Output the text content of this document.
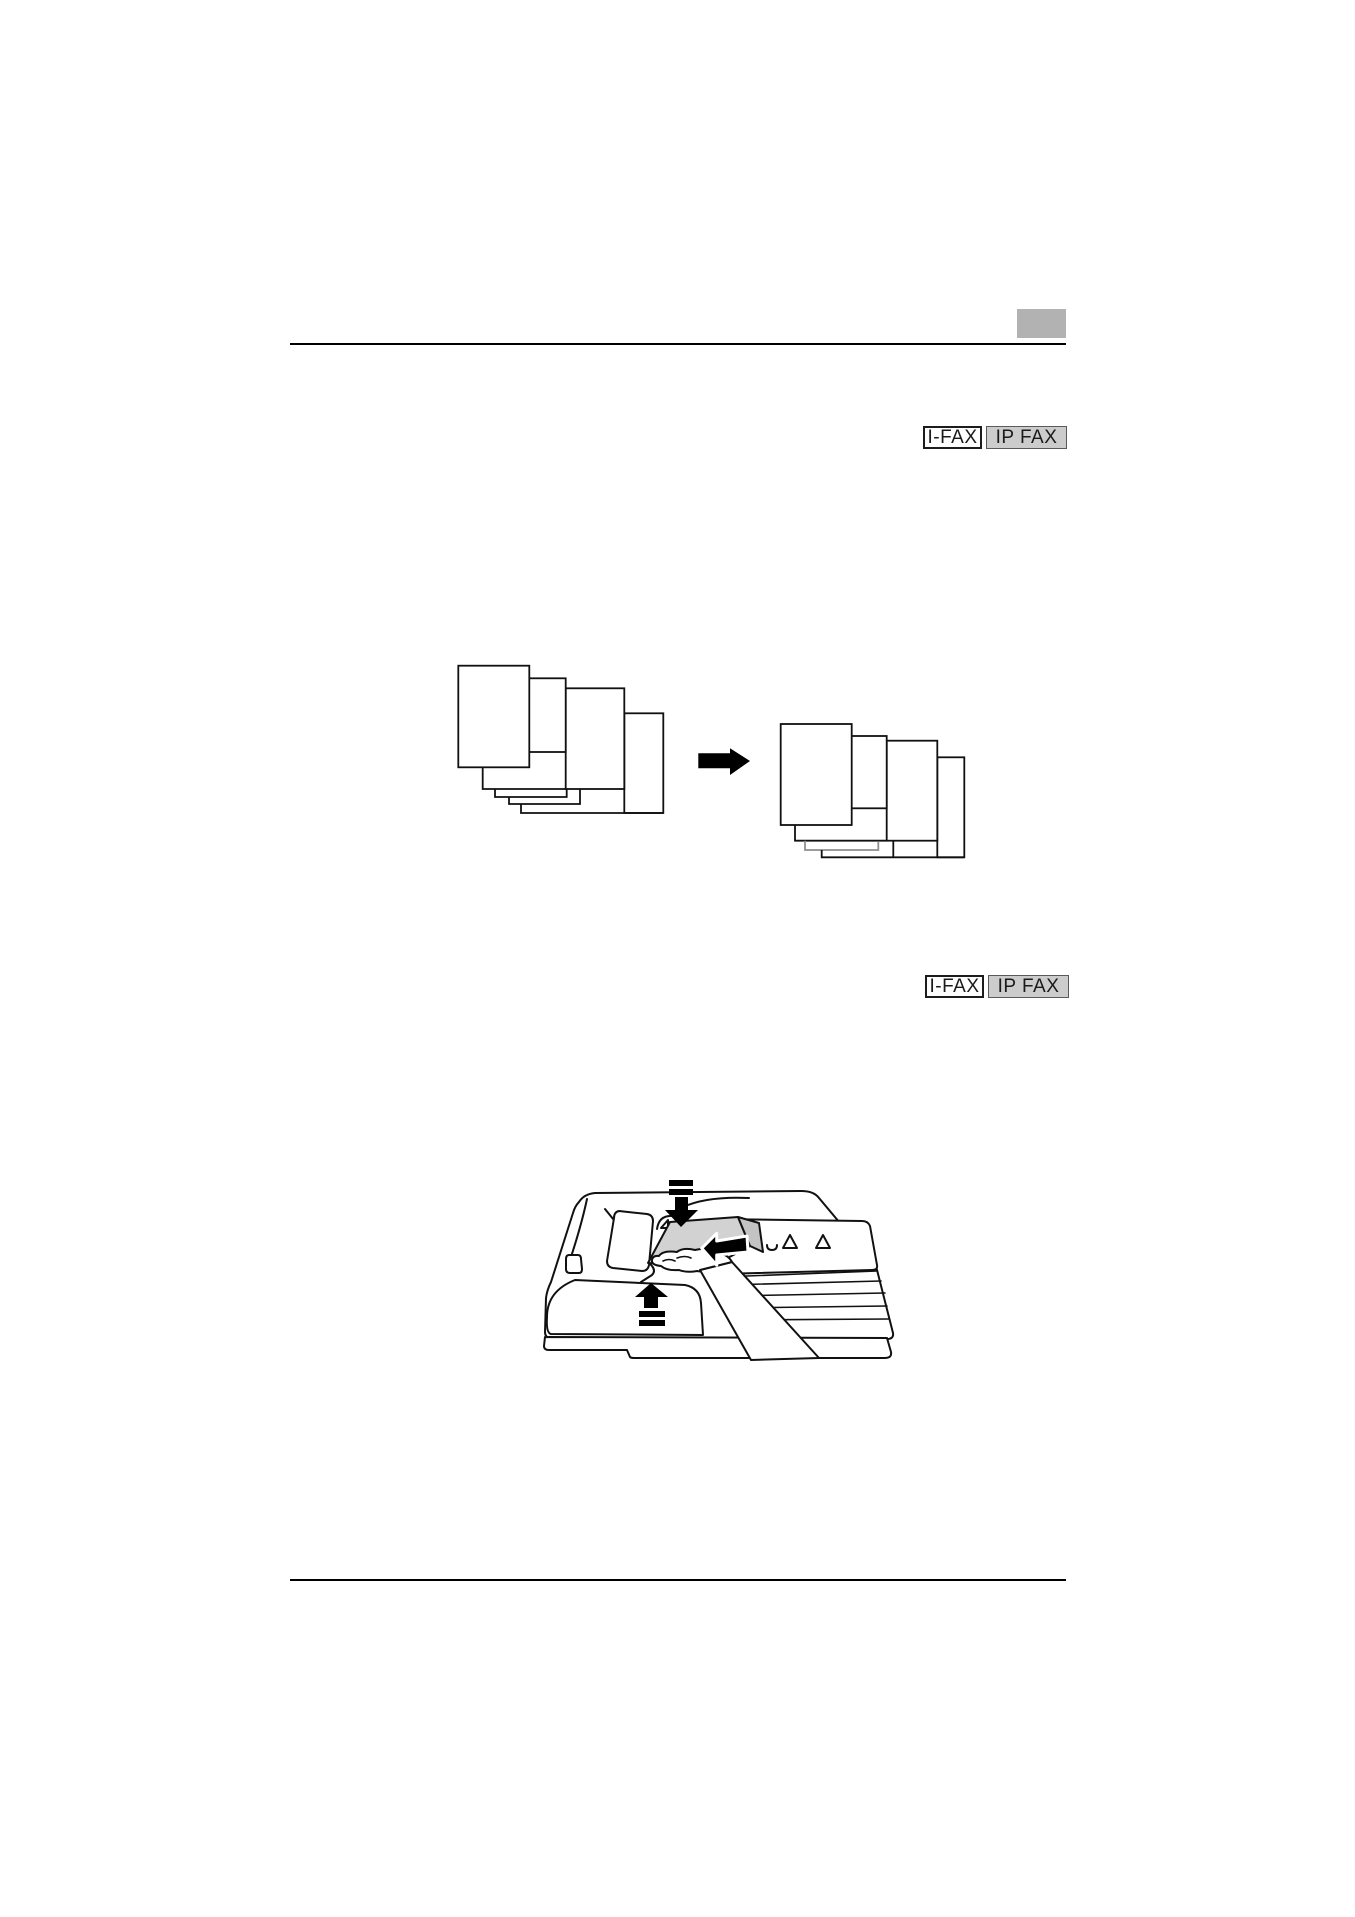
I-FAX IP FAX
I-FAX IP FAX
